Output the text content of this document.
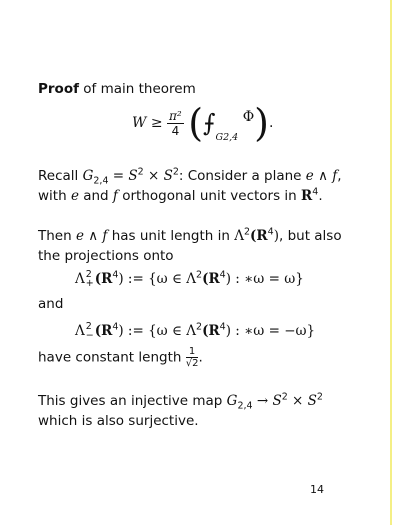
Proof of main theorem
$W \ge \frac{\text{π²}}{4}$ ($⨍_{G2,4}$ Φ).
Recall $G_{2,4} = S^2 \times S^2$: Consider a plane e ∧ f,
with e and f orthogonal unit vectors in $R^4$.
Then e ∧ f has unit length in $\Lambda^2(R^4)$, but also
the projections onto
Λ 2
+ $(R^4)$ := {ω ∈ $\Lambda^2(R^4)$ : ∗ω = ω}
and
Λ 2
− $(R^4)$ := {ω ∈ $\Lambda^2(R^4)$ : ∗ω = −ω}
have constant length $\frac{1}{√2}$ .
This gives an injective map $G_{2,4} \to S^2 \times S^2$
which is also surjective.
14
